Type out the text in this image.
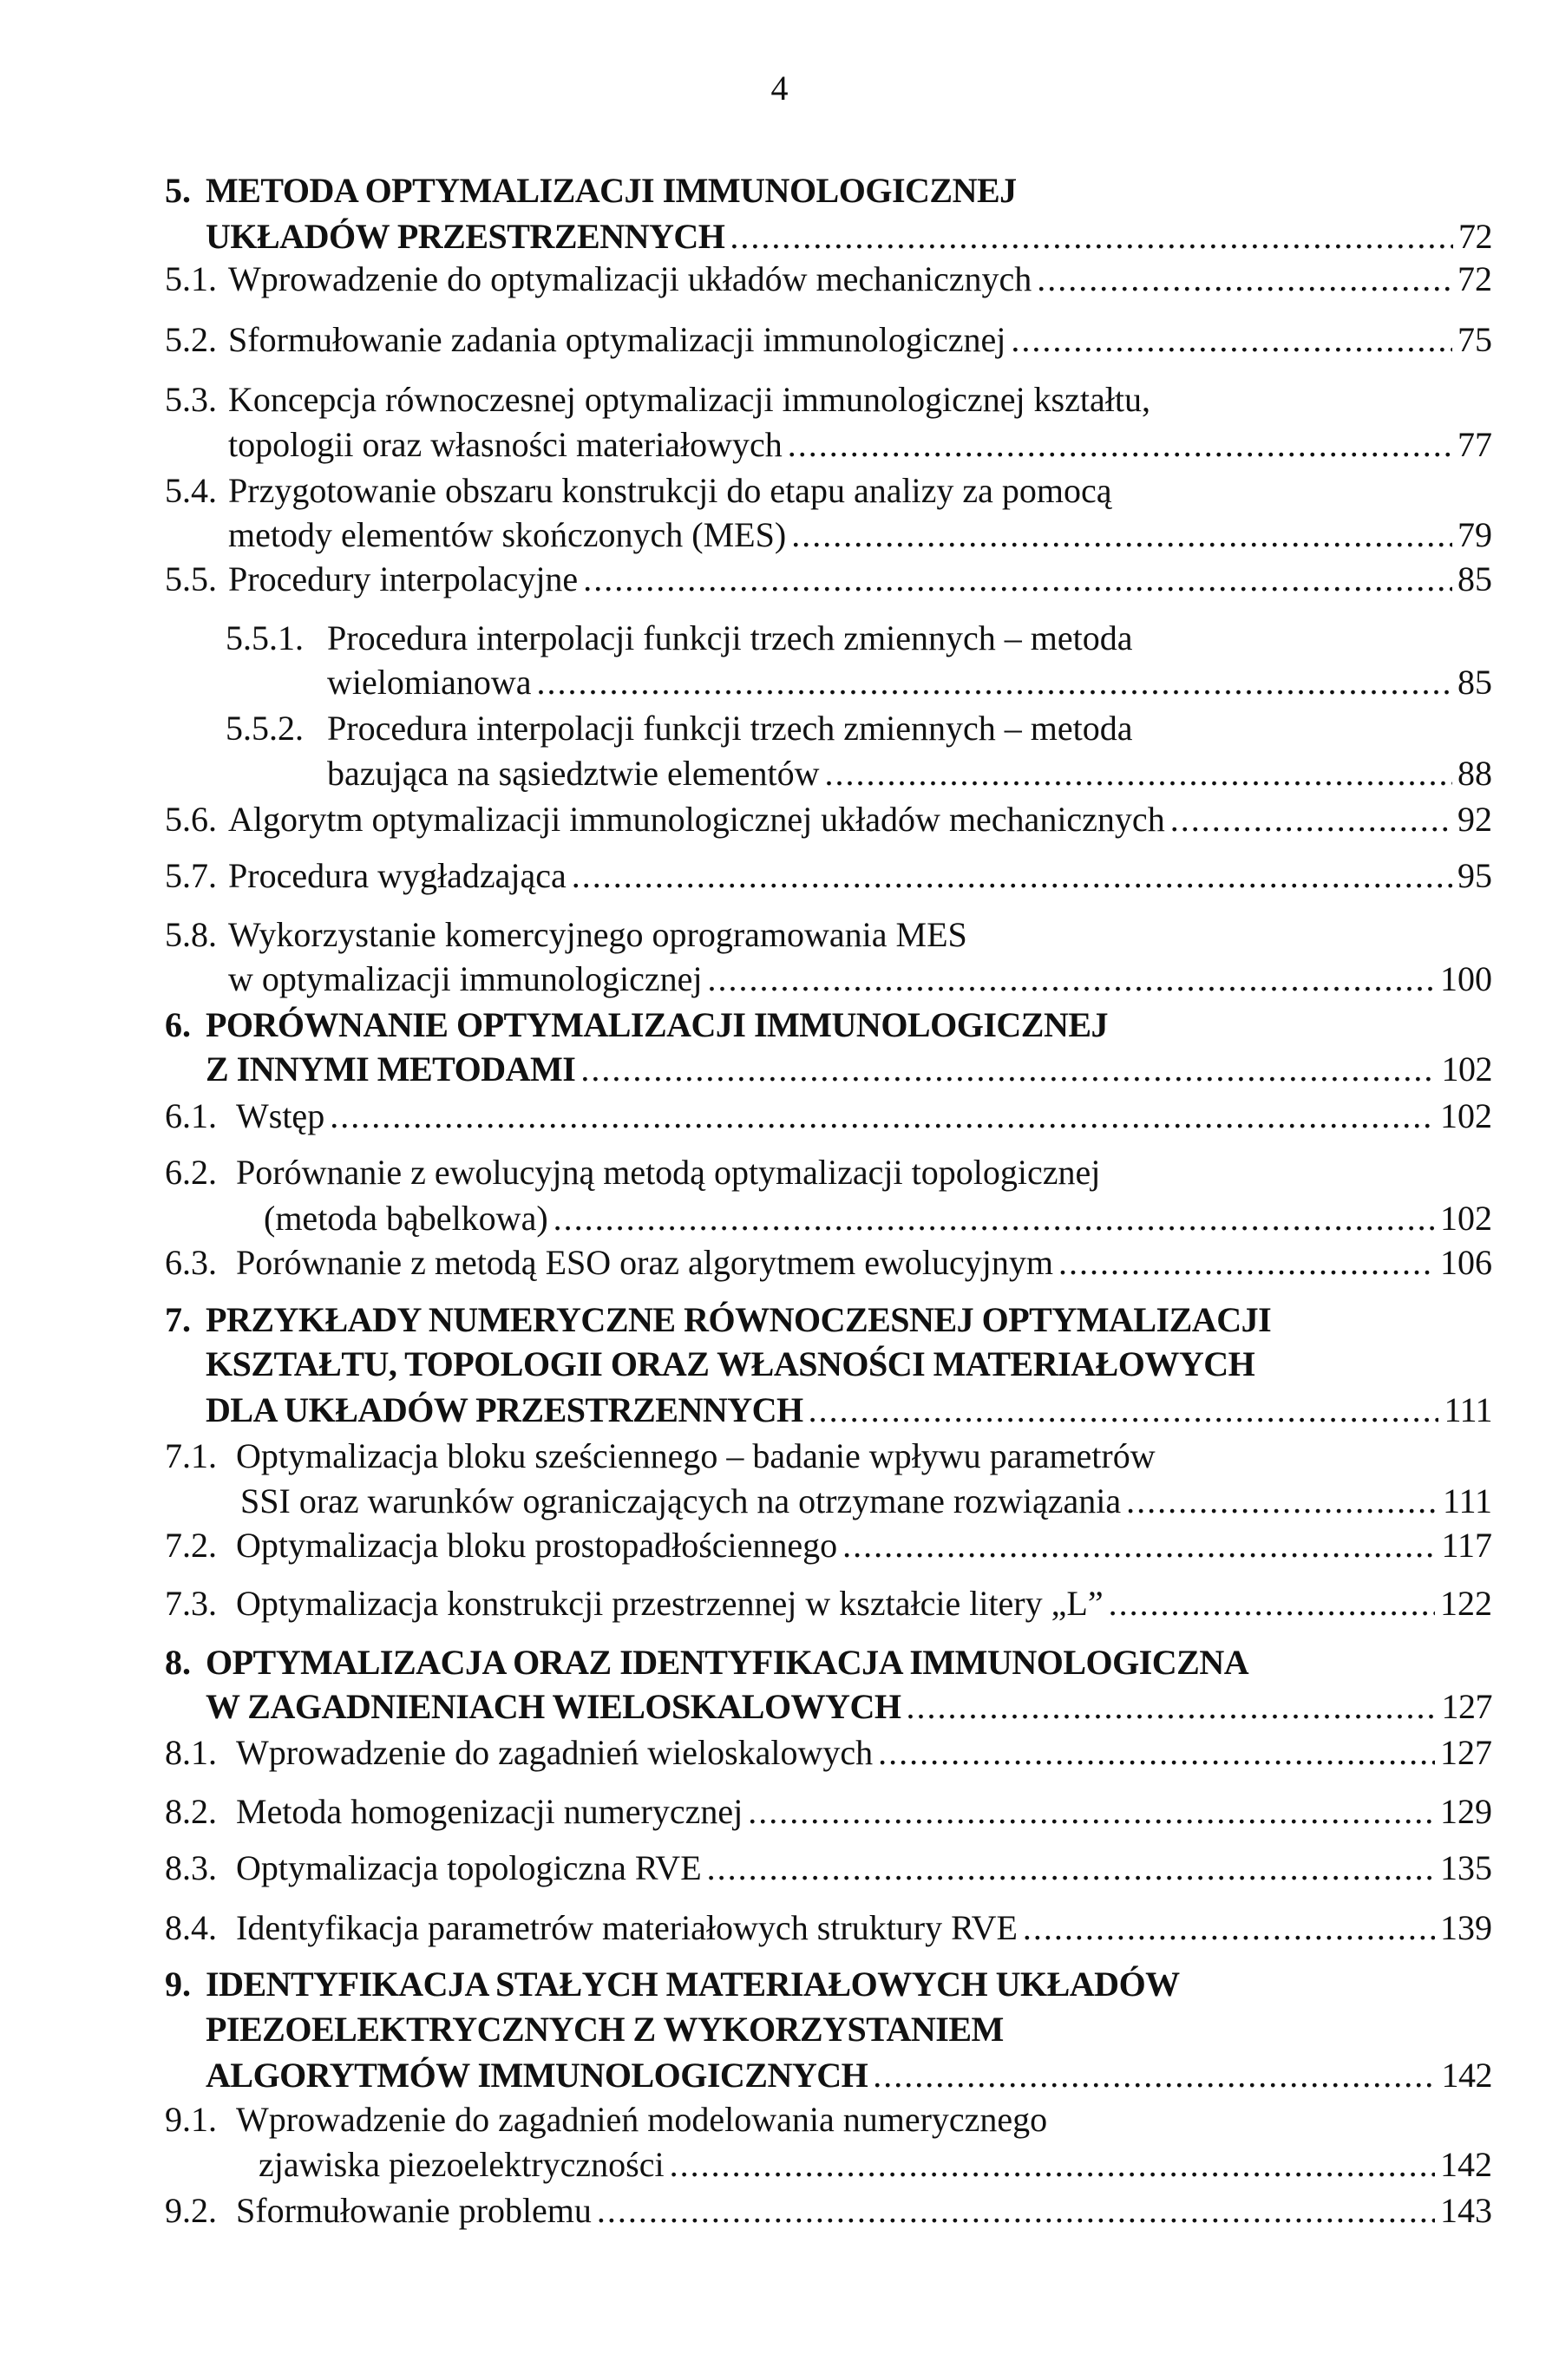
4
5. METODA OPTYMALIZACJI IMMUNOLOGICZNEJ
UKŁADÓW PRZESTRZENNYCH .....	72
5.1. Wprowadzenie do optymalizacji układów mechanicznych .....	72
5.2. Sformułowanie zadania optymalizacji immunologicznej .....	75
5.3. Koncepcja równoczesnej optymalizacji immunologicznej kształtu,
topologii oraz własności materiałowych .....	77
5.4. Przygotowanie obszaru konstrukcji do etapu analizy za pomocą
metody elementów skończonych (MES) .....	79
5.5. Procedury interpolacyjne .....	85
5.5.1. Procedura interpolacji funkcji trzech zmiennych – metoda
wielomianowa .....	85
5.5.2. Procedura interpolacji funkcji trzech zmiennych – metoda
bazująca na sąsiedztwie elementów .....	88
5.6. Algorytm optymalizacji immunologicznej układów mechanicznych .....	92
5.7. Procedura wygładzająca .....	95
5.8. Wykorzystanie komercyjnego oprogramowania MES
w optymalizacji immunologicznej .....	100
6. PORÓWNANIE OPTYMALIZACJI IMMUNOLOGICZNEJ
Z INNYMI METODAMI .....	102
6.1. Wstęp .....	102
6.2. Porównanie z ewolucyjną metodą optymalizacji topologicznej
(metoda bąbelkowa) .....	102
6.3. Porównanie z metodą ESO oraz algorytmem ewolucyjnym .....	106
7. PRZYKŁADY NUMERYCZNE RÓWNOCZESNEJ OPTYMALIZACJI
KSZTAŁTU, TOPOLOGII ORAZ WŁASNOŚCI MATERIAŁOWYCH
DLA UKŁADÓW PRZESTRZENNYCH .....	111
7.1. Optymalizacja bloku sześciennego – badanie wpływu parametrów
SSI oraz warunków ograniczających na otrzymane rozwiązania .....	111
7.2. Optymalizacja bloku prostopadłościennego .....	117
7.3. Optymalizacja konstrukcji przestrzennej w kształcie litery „L” .....	122
8. OPTYMALIZACJA ORAZ IDENTYFIKACJA IMMUNOLOGICZNA
W ZAGADNIENIACH WIELOSKALOWYCH .....	127
8.1. Wprowadzenie do zagadnień wieloskalowych .....	127
8.2. Metoda homogenizacji numerycznej .....	129
8.3. Optymalizacja topologiczna RVE .....	135
8.4. Identyfikacja parametrów materiałowych struktury RVE .....	139
9. IDENTYFIKACJA STAŁYCH MATERIAŁOWYCH UKŁADÓW
PIEZOELEKTRYCZNYCH Z WYKORZYSTANIEM
ALGORYTMÓW IMMUNOLOGICZNYCH .....	142
9.1. Wprowadzenie do zagadnień modelowania numerycznego
zjawiska piezoelektryczności .....	142
9.2. Sformułowanie problemu .....	143
